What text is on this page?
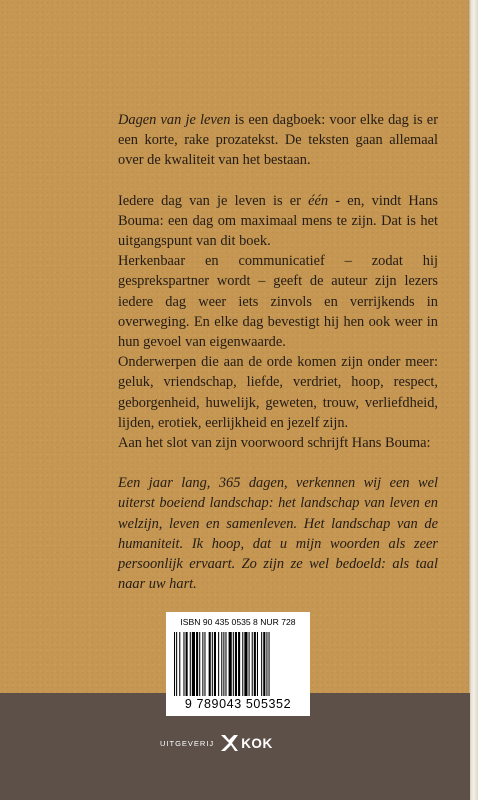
Dagen van je leven is een dagboek: voor elke dag is er een korte, rake prozatekst. De teksten gaan allemaal over de kwaliteit van het bestaan.

Iedere dag van je leven is er één - en, vindt Hans Bouma: een dag om maximaal mens te zijn. Dat is het uitgangspunt van dit boek.

Herkenbaar en communicatief – zodat hij gesprekspartner wordt – geeft de auteur zijn lezers iedere dag weer iets zinvols en verrijkends in overweging. En elke dag bevestigt hij hen ook weer in hun gevoel van eigenwaarde.

Onderwerpen die aan de orde komen zijn onder meer: geluk, vriendschap, liefde, verdriet, hoop, respect, geborgenheid, huwelijk, geweten, trouw, verliefdheid, lijden, erotiek, eerlijkheid en jezelf zijn.

Aan het slot van zijn voorwoord schrijft Hans Bouma:

Een jaar lang, 365 dagen, verkennen wij een wel uiterst boeiend landschap: het landschap van leven en welzijn, leven en samenleven. Het landschap van de humaniteit. Ik hoop, dat u mijn woorden als zeer persoonlijk ervaart. Zo zijn ze wel bedoeld: als taal naar uw hart.

ISBN 90 435 0535 8 NUR 728
9 789043 505352
UITGEVERIJ KOK
